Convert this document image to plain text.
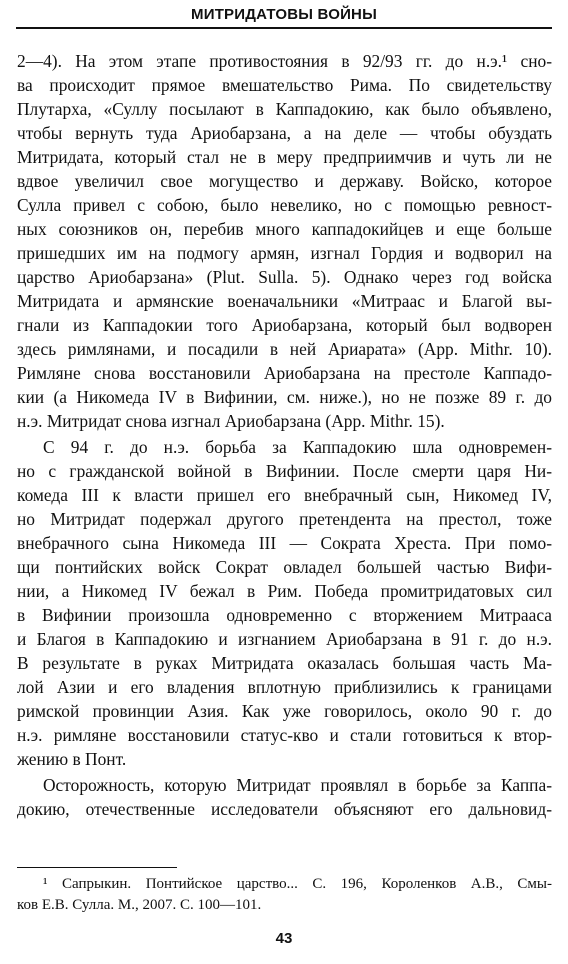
МИТРИДАТОВЫ ВОЙНЫ
2—4). На этом этапе противостояния в 92/93 гг. до н.э.¹ сно-
ва происходит прямое вмешательство Рима. По свидетельству
Плутарха, «Суллу посылают в Каппадокию, как было объявлено,
чтобы вернуть туда Ариобарзана, а на деле — чтобы обуздать
Митридата, который стал не в меру предприимчив и чуть ли не
вдвое увеличил свое могущество и державу. Войско, которое
Сулла привел с собою, было невелико, но с помощью ревност-
ных союзников он, перебив много каппадокийцев и еще больше
пришедших им на подмогу армян, изгнал Гордия и водворил на
царство Ариобарзана» (Plut. Sulla. 5). Однако через год войска
Митридата и армянские военачальники «Митраас и Благой вы-
гнали из Каппадокии того Ариобарзана, который был водворен
здесь римлянами, и посадили в ней Ариарата» (App. Mithr. 10).
Римляне снова восстановили Ариобарзана на престоле Каппадо-
кии (а Никомеда IV в Вифинии, см. ниже.), но не позже 89 г. до
н.э. Митридат снова изгнал Ариобарзана (App. Mithr. 15).
С 94 г. до н.э. борьба за Каппадокию шла одновремен-
но с гражданской войной в Вифинии. После смерти царя Ни-
комеда III к власти пришел его внебрачный сын, Никомед IV,
но Митридат подержал другого претендента на престол, тоже
внебрачного сына Никомеда III — Сократа Хреста. При помо-
щи понтийских войск Сократ овладел большей частью Вифи-
нии, а Никомед IV бежал в Рим. Победа промитридатовых сил
в Вифинии произошла одновременно с вторжением Митрааса
и Благоя в Каппадокию и изгнанием Ариобарзана в 91 г. до н.э.
В результате в руках Митридата оказалась большая часть Ма-
лой Азии и его владения вплотную приблизились к границами
римской провинции Азия. Как уже говорилось, около 90 г. до
н.э. римляне восстановили статус-кво и стали готовиться к втор-
жению в Понт.
Осторожность, которую Митридат проявлял в борьбе за Каппа-
докию, отечественные исследователи объясняют его дальновид-
¹ Сапрыкин. Понтийское царство... С. 196, Короленков А.В., Смы-
ков Е.В. Сулла. М., 2007. С. 100—101.
43
